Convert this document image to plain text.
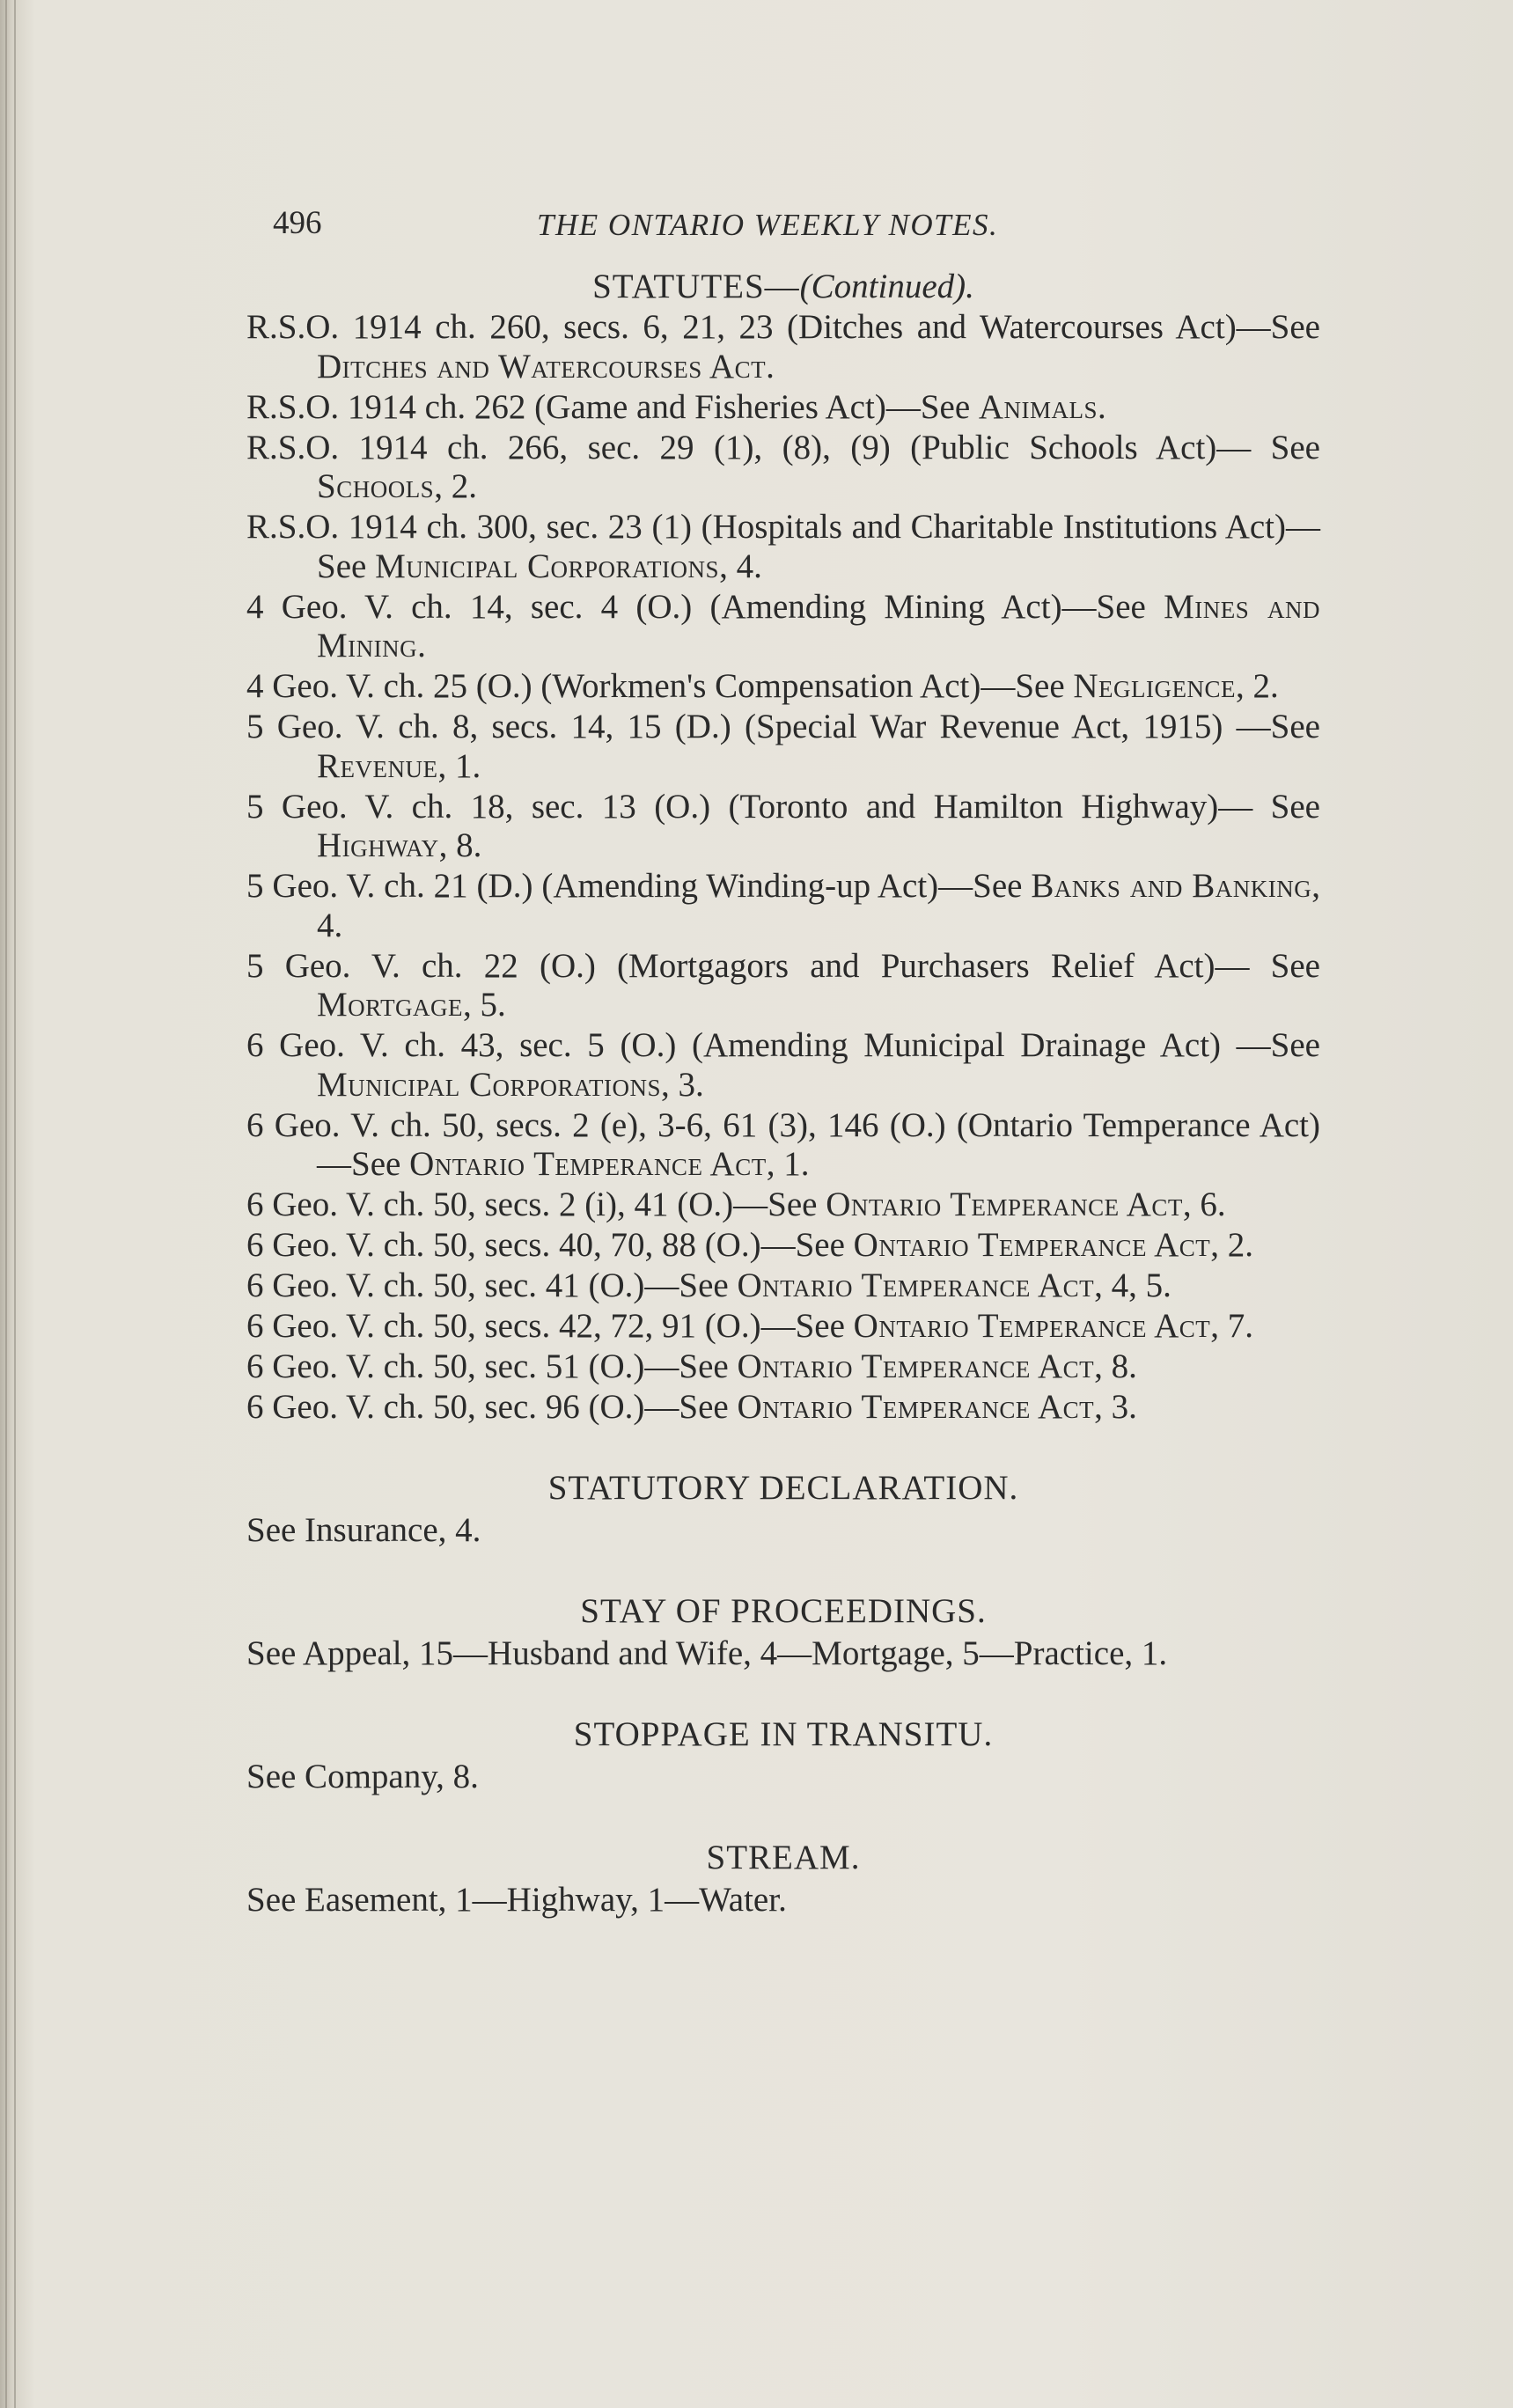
496	THE ONTARIO WEEKLY NOTES.
STATUTES—(Continued).

R.S.O. 1914 ch. 260, secs. 6, 21, 23 (Ditches and Watercourses Act)—See Ditches and Watercourses Act.

R.S.O. 1914 ch. 262 (Game and Fisheries Act)—See Animals.

R.S.O. 1914 ch. 266, sec. 29 (1), (8), (9) (Public Schools Act)— See Schools, 2.

R.S.O. 1914 ch. 300, sec. 23 (1) (Hospitals and Charitable Institutions Act)—See Municipal Corporations, 4.

4 Geo. V. ch. 14, sec. 4 (O.) (Amending Mining Act)—See Mines and Mining.

4 Geo. V. ch. 25 (O.) (Workmen's Compensation Act)—See Negligence, 2.

5 Geo. V. ch. 8, secs. 14, 15 (D.) (Special War Revenue Act, 1915) —See Revenue, 1.

5 Geo. V. ch. 18, sec. 13 (O.) (Toronto and Hamilton Highway)— See Highway, 8.

5 Geo. V. ch. 21 (D.) (Amending Winding-up Act)—See Banks and Banking, 4.

5 Geo. V. ch. 22 (O.) (Mortgagors and Purchasers Relief Act)— See Mortgage, 5.

6 Geo. V. ch. 43, sec. 5 (O.) (Amending Municipal Drainage Act) —See Municipal Corporations, 3.

6 Geo. V. ch. 50, secs. 2 (e), 3-6, 61 (3), 146 (O.) (Ontario Temperance Act)—See Ontario Temperance Act, 1.

6 Geo. V. ch. 50, secs. 2 (i), 41 (O.)—See Ontario Temperance Act, 6.

6 Geo. V. ch. 50, secs. 40, 70, 88 (O.)—See Ontario Temperance Act, 2.

6 Geo. V. ch. 50, sec. 41 (O.)—See Ontario Temperance Act, 4, 5.

6 Geo. V. ch. 50, secs. 42, 72, 91 (O.)—See Ontario Temperance Act, 7.

6 Geo. V. ch. 50, sec. 51 (O.)—See Ontario Temperance Act, 8.

6 Geo. V. ch. 50, sec. 96 (O.)—See Ontario Temperance Act, 3.

STATUTORY DECLARATION.
See Insurance, 4.
STAY OF PROCEEDINGS.
See Appeal, 15—Husband and Wife, 4—Mortgage, 5—Practice, 1.
STOPPAGE IN TRANSITU.
See Company, 8.
STREAM.
See Easement, 1—Highway, 1—Water.
